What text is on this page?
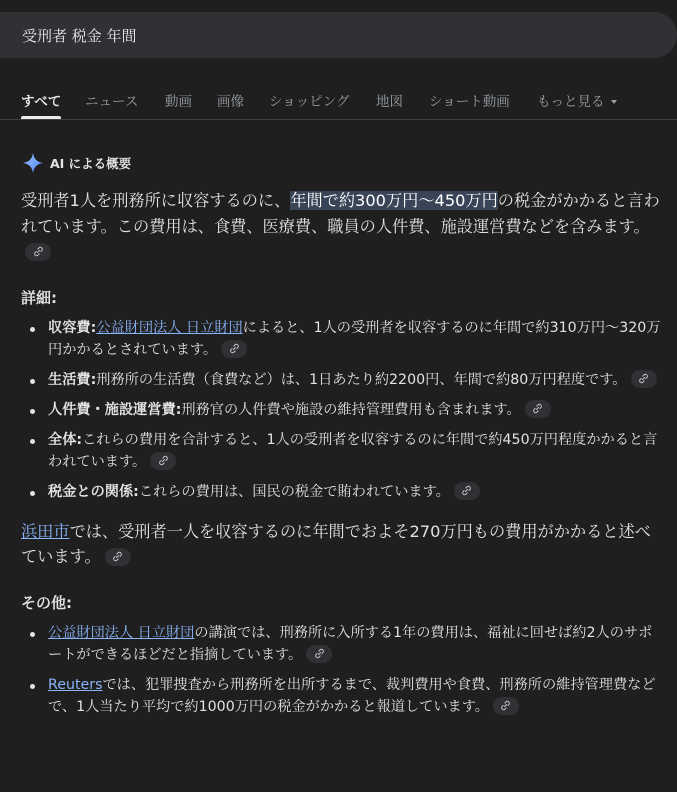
受刑者 税金 年間
すべて ニュース 動画 画像 ショッピング 地図 ショート動画 もっと見る
AI による概要

受刑者1人を刑務所に収容するのに、年間で約300万円〜450万円の税金がかかると言われています。この費用は、食費、医療費、職員の人件費、施設運営費などを含みます。

詳細:
収容費:公益財団法人 日立財団によると、1人の受刑者を収容するのに年間で約310万円〜320万円かかるとされています。
生活費:刑務所の生活費（食費など）は、1日あたり約2200円、年間で約80万円程度です。
人件費・施設運営費:刑務官の人件費や施設の維持管理費用も含まれます。
全体:これらの費用を合計すると、1人の受刑者を収容するのに年間で約450万円程度かかると言われています。
税金との関係:これらの費用は、国民の税金で賄われています。

浜田市では、受刑者一人を収容するのに年間でおよそ270万円もの費用がかかると述べています。

その他:
公益財団法人 日立財団の講演では、刑務所に入所する1年の費用は、福祉に回せば約2人のサポートができるほどだと指摘しています。
Reutersでは、犯罪捜査から刑務所を出所するまで、裁判費用や食費、刑務所の維持管理費などで、1人当たり平均で約1000万円の税金がかかると報道しています。
